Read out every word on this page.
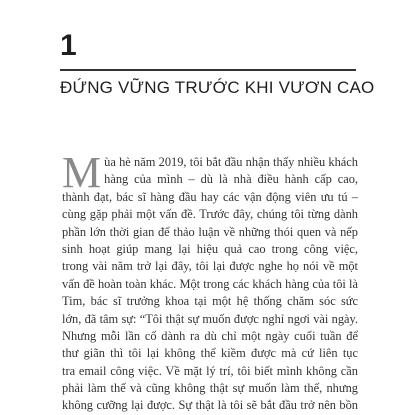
1
ĐỨNG VỮNG TRƯỚC KHI VƯƠN CAO
M ùa hè năm 2019, tôi bắt đầu nhận thấy nhiều khách
hàng của mình – dù là nhà điều hành cấp cao,
thành đạt, bác sĩ hàng đầu hay các vận động viên ưu tú –
cùng gặp phải một vấn đề. Trước đây, chúng tôi từng dành
phần lớn thời gian để thảo luận về những thói quen và nếp
sinh hoạt giúp mang lại hiệu quả cao trong công việc,
trong vài năm trở lại đây, tôi lại được nghe họ nói về một
vấn đề hoàn toàn khác. Một trong các khách hàng của tôi là
Tim, bác sĩ trưởng khoa tại một hệ thống chăm sóc sức
lớn, đã tâm sự: “Tôi thật sự muốn được nghỉ ngơi vài ngày.
Nhưng mỗi lần cố dành ra dù chỉ một ngày cuối tuần để
thư giãn thì tôi lại không thể kiềm được mà cứ liên tục
tra email công việc. Về mặt lý trí, tôi biết mình không cần
phải làm thế và cũng không thật sự muốn làm thế, nhưng
không cưỡng lại được. Sự thật là tôi sẽ bắt đầu trở nên bồn
